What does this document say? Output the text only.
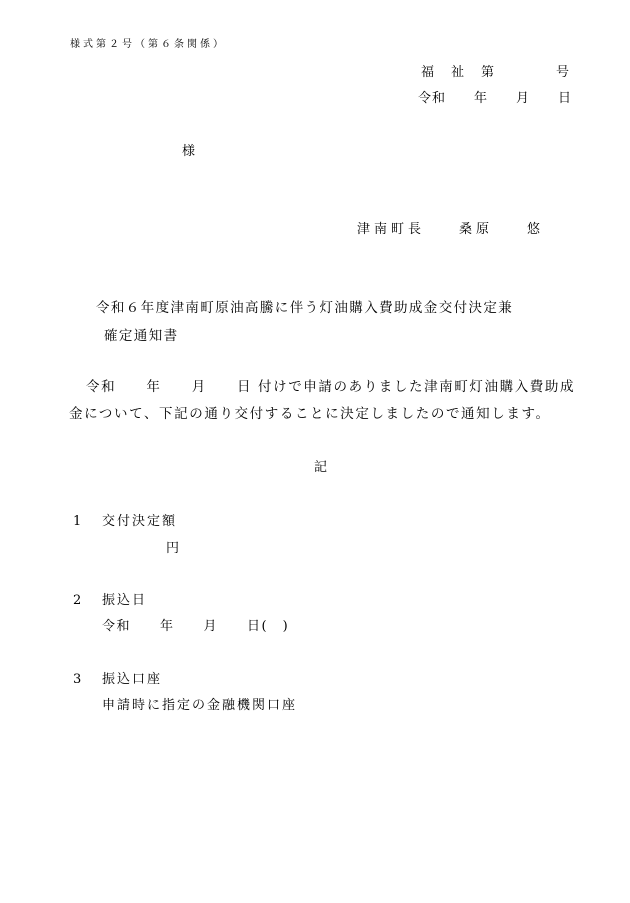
様式第２号（第６条関係）
福　祉　第　　　　号
令和　　年　　月　　日
様
津南町長　　桑原　　悠
令和６年度津南町原油高騰に伴う灯油購入費助成金交付決定兼
確定通知書
令和　　年　　月　　日 付けで申請のありました津南町灯油購入費助成
金について、下記の通り交付することに決定しましたので通知します。
記
1 交付決定額
円
2 振込日
令和　　年　　月　　日(　)
3 振込口座
申請時に指定の金融機関口座
